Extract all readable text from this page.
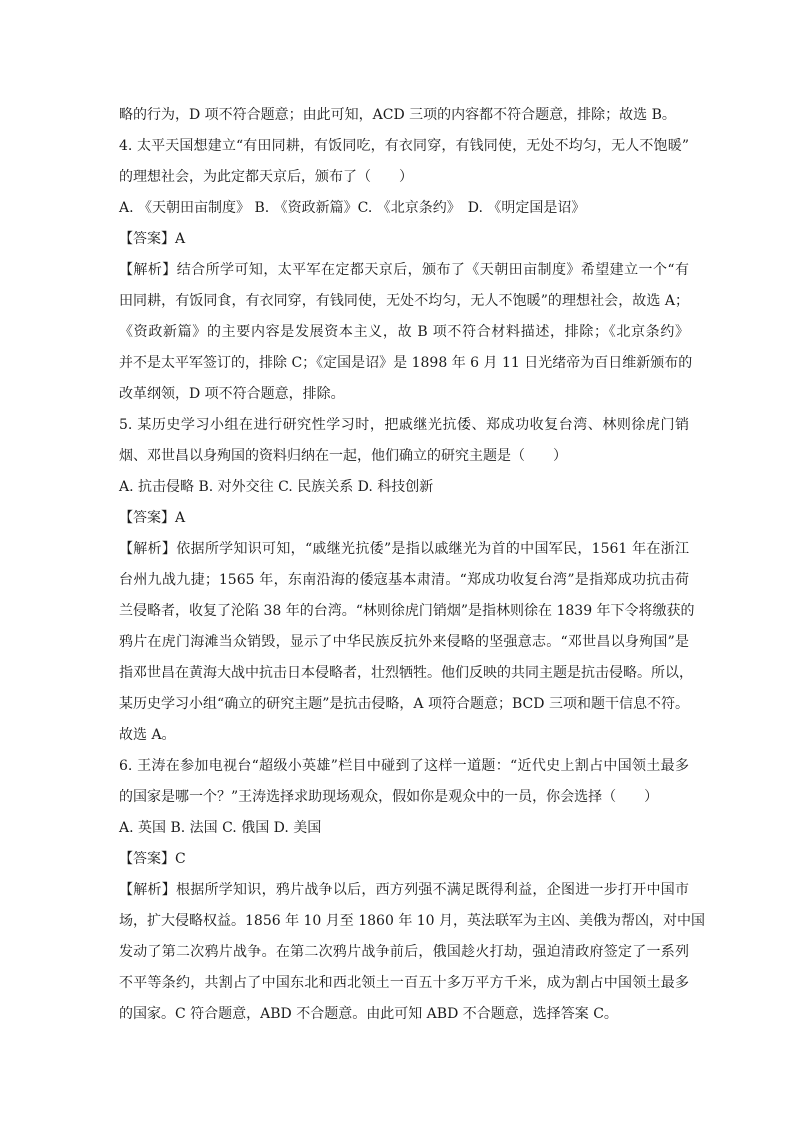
略的行为，D 项不符合题意；由此可知，ACD 三项的内容都不符合题意，排除；故选 B。
4. 太平天国想建立“有田同耕，有饭同吃，有衣同穿，有钱同使，无处不均匀，无人不饱暖”
的理想社会，为此定都天京后，颁布了（　　）
A. 《天朝田亩制度》 B. 《资政新篇》C. 《北京条约》　D. 《明定国是诏》
【答案】A
【解析】结合所学可知，太平军在定都天京后，颁布了《天朝田亩制度》希望建立一个“有
田同耕，有饭同食，有衣同穿，有钱同使，无处不均匀，无人不饱暖”的理想社会，故选 A；
《资政新篇》的主要内容是发展资本主义，故 B 项不符合材料描述，排除；《北京条约》
并不是太平军签订的，排除 C；《定国是诏》是 1898 年 6 月 11 日光绪帝为百日维新颁布的
改革纲领，D 项不符合题意，排除。
5. 某历史学习小组在进行研究性学习时，把戚继光抗倭、郑成功收复台湾、林则徐虎门销
烟、邓世昌以身殉国的资料归纳在一起，他们确立的研究主题是（　　）
A. 抗击侵略 B. 对外交往 C. 民族关系 D. 科技创新
【答案】A
【解析】依据所学知识可知，“戚继光抗倭”是指以戚继光为首的中国军民，1561 年在浙江
台州九战九捷；1565 年，东南沿海的倭寇基本肃清。“郑成功收复台湾”是指郑成功抗击荷
兰侵略者，收复了沦陷 38 年的台湾。“林则徐虎门销烟”是指林则徐在 1839 年下令将缴获的
鸦片在虎门海滩当众销毁，显示了中华民族反抗外来侵略的坚强意志。“邓世昌以身殉国”是
指邓世昌在黄海大战中抗击日本侵略者，壮烈牺牲。他们反映的共同主题是抗击侵略。所以，
某历史学习小组“确立的研究主题”是抗击侵略，A 项符合题意；BCD 三项和题干信息不符。
故选 A。
6. 王涛在参加电视台“超级小英雄”栏目中碰到了这样一道题：“近代史上割占中国领土最多
的国家是哪一个？”王涛选择求助现场观众，假如你是观众中的一员，你会选择（　　）
A. 英国 B. 法国 C. 俄国 D. 美国
【答案】C
【解析】根据所学知识，鸦片战争以后，西方列强不满足既得利益，企图进一步打开中国市
场，扩大侵略权益。1856 年 10 月至 1860 年 10 月，英法联军为主凶、美俄为帮凶，对中国
发动了第二次鸦片战争。在第二次鸦片战争前后，俄国趁火打劫，强迫清政府签定了一系列
不平等条约，共割占了中国东北和西北领土一百五十多万平方千米，成为割占中国领土最多
的国家。C 符合题意，ABD 不合题意。由此可知 ABD 不合题意，选择答案 C。
